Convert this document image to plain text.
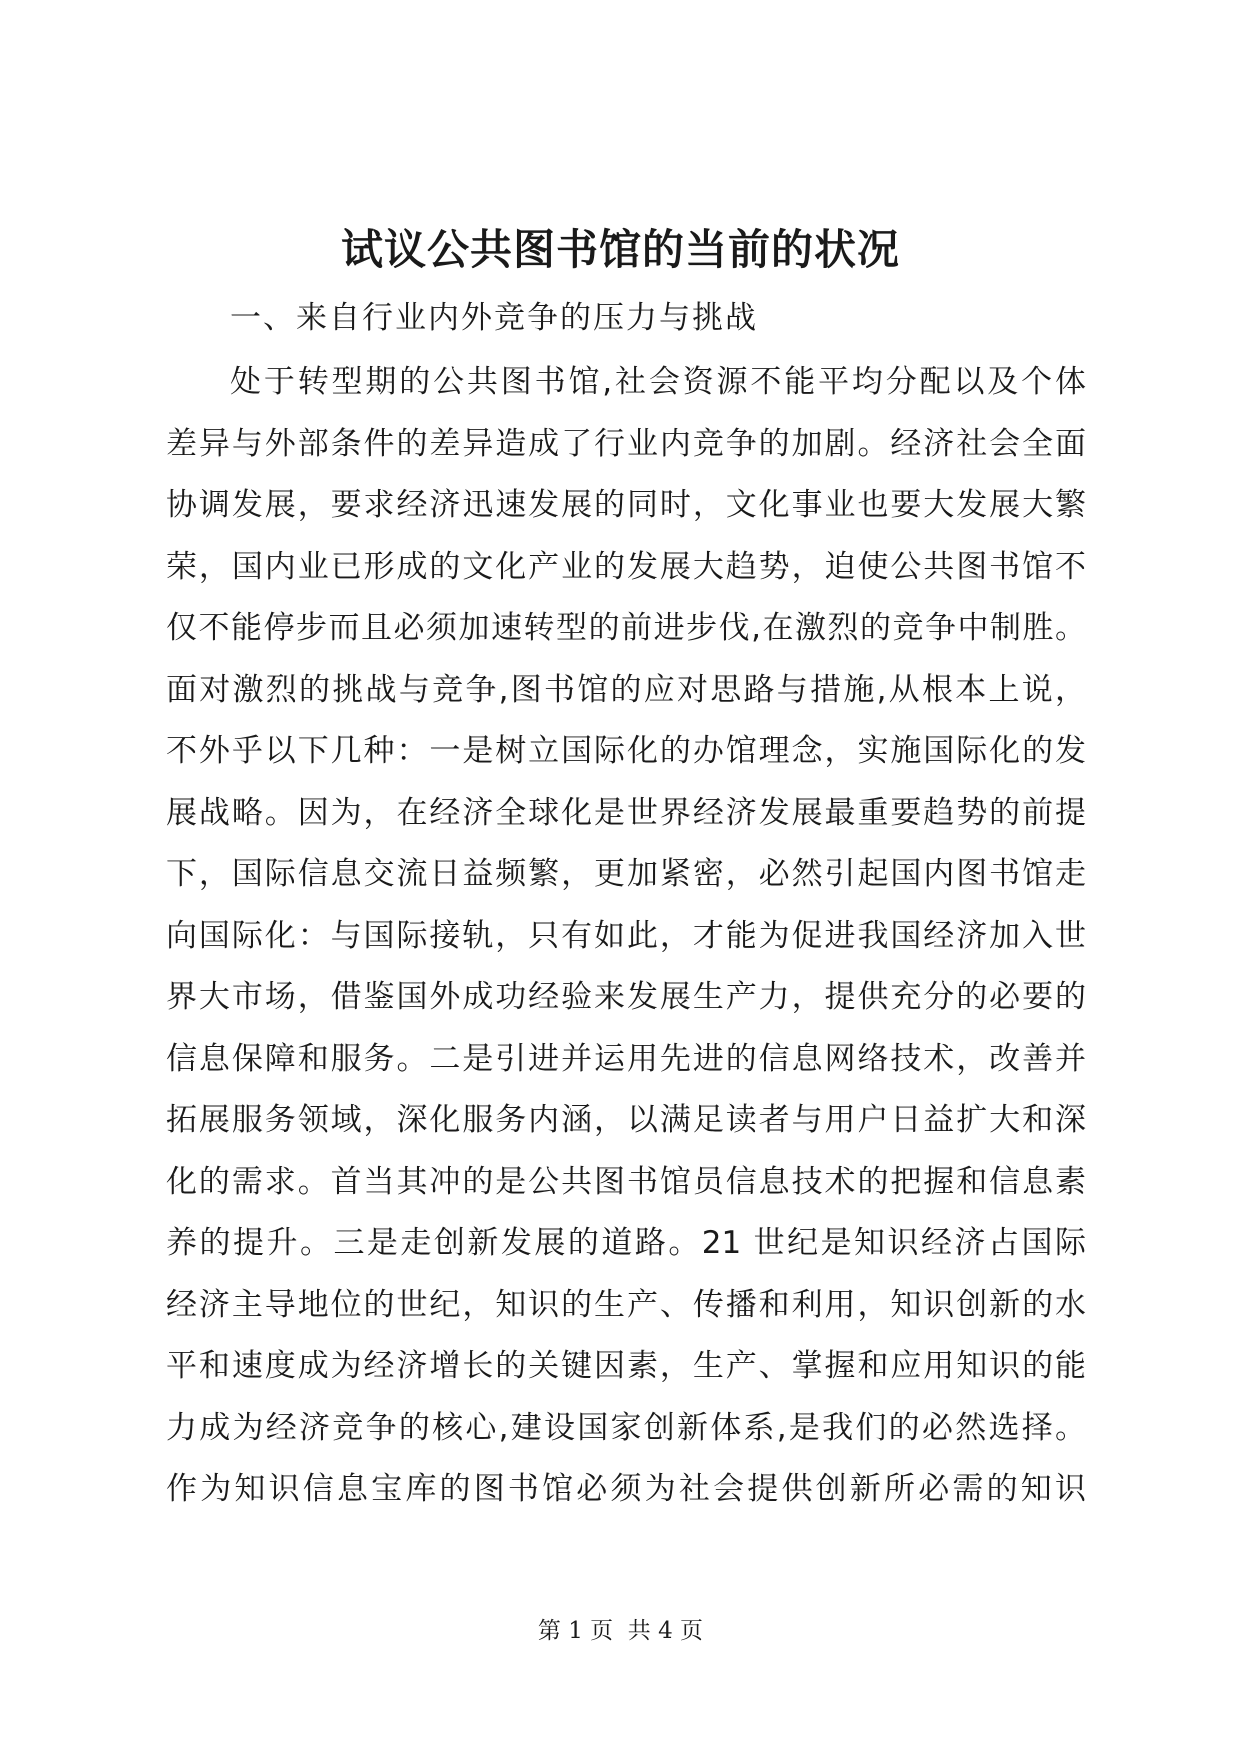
试议公共图书馆的当前的状况
一、来自行业内外竞争的压力与挑战
处于转型期的公共图书馆,社会资源不能平均分配以及个体
差异与外部条件的差异造成了行业内竞争的加剧。经济社会全面
协调发展，要求经济迅速发展的同时，文化事业也要大发展大繁
荣，国内业已形成的文化产业的发展大趋势，迫使公共图书馆不
仅不能停步而且必须加速转型的前进步伐,在激烈的竞争中制胜。
面对激烈的挑战与竞争,图书馆的应对思路与措施,从根本上说，
不外乎以下几种：一是树立国际化的办馆理念，实施国际化的发
展战略。因为，在经济全球化是世界经济发展最重要趋势的前提
下，国际信息交流日益频繁，更加紧密，必然引起国内图书馆走
向国际化：与国际接轨，只有如此，才能为促进我国经济加入世
界大市场，借鉴国外成功经验来发展生产力，提供充分的必要的
信息保障和服务。二是引进并运用先进的信息网络技术，改善并
拓展服务领域，深化服务内涵，以满足读者与用户日益扩大和深
化的需求。首当其冲的是公共图书馆员信息技术的把握和信息素
养的提升。三是走创新发展的道路。21 世纪是知识经济占国际
经济主导地位的世纪，知识的生产、传播和利用，知识创新的水
平和速度成为经济增长的关键因素，生产、掌握和应用知识的能
力成为经济竞争的核心,建设国家创新体系,是我们的必然选择。
作为知识信息宝库的图书馆必须为社会提供创新所必需的知识
第 1 页  共 4 页
